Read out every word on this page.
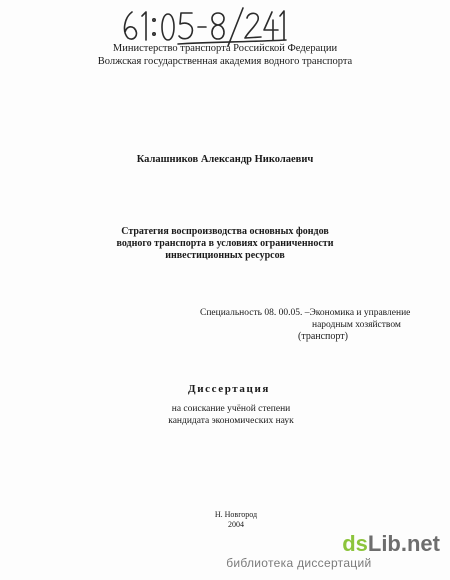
Министерство транспорта Российской Федерации
Волжская государственная академия водного транспорта
Калашников Александр Николаевич
Стратегия воспроизводства основных фондов
водного транспорта в условиях ограниченности
инвестиционных ресурсов
Специальность 08. 00.05. –Экономика и управление
народным хозяйством
(транспорт)
Диссертация
на соискание учёной степени
кандидата экономических наук
Н. Новгород
2004
dsLib.net
библиотека диссертаций
